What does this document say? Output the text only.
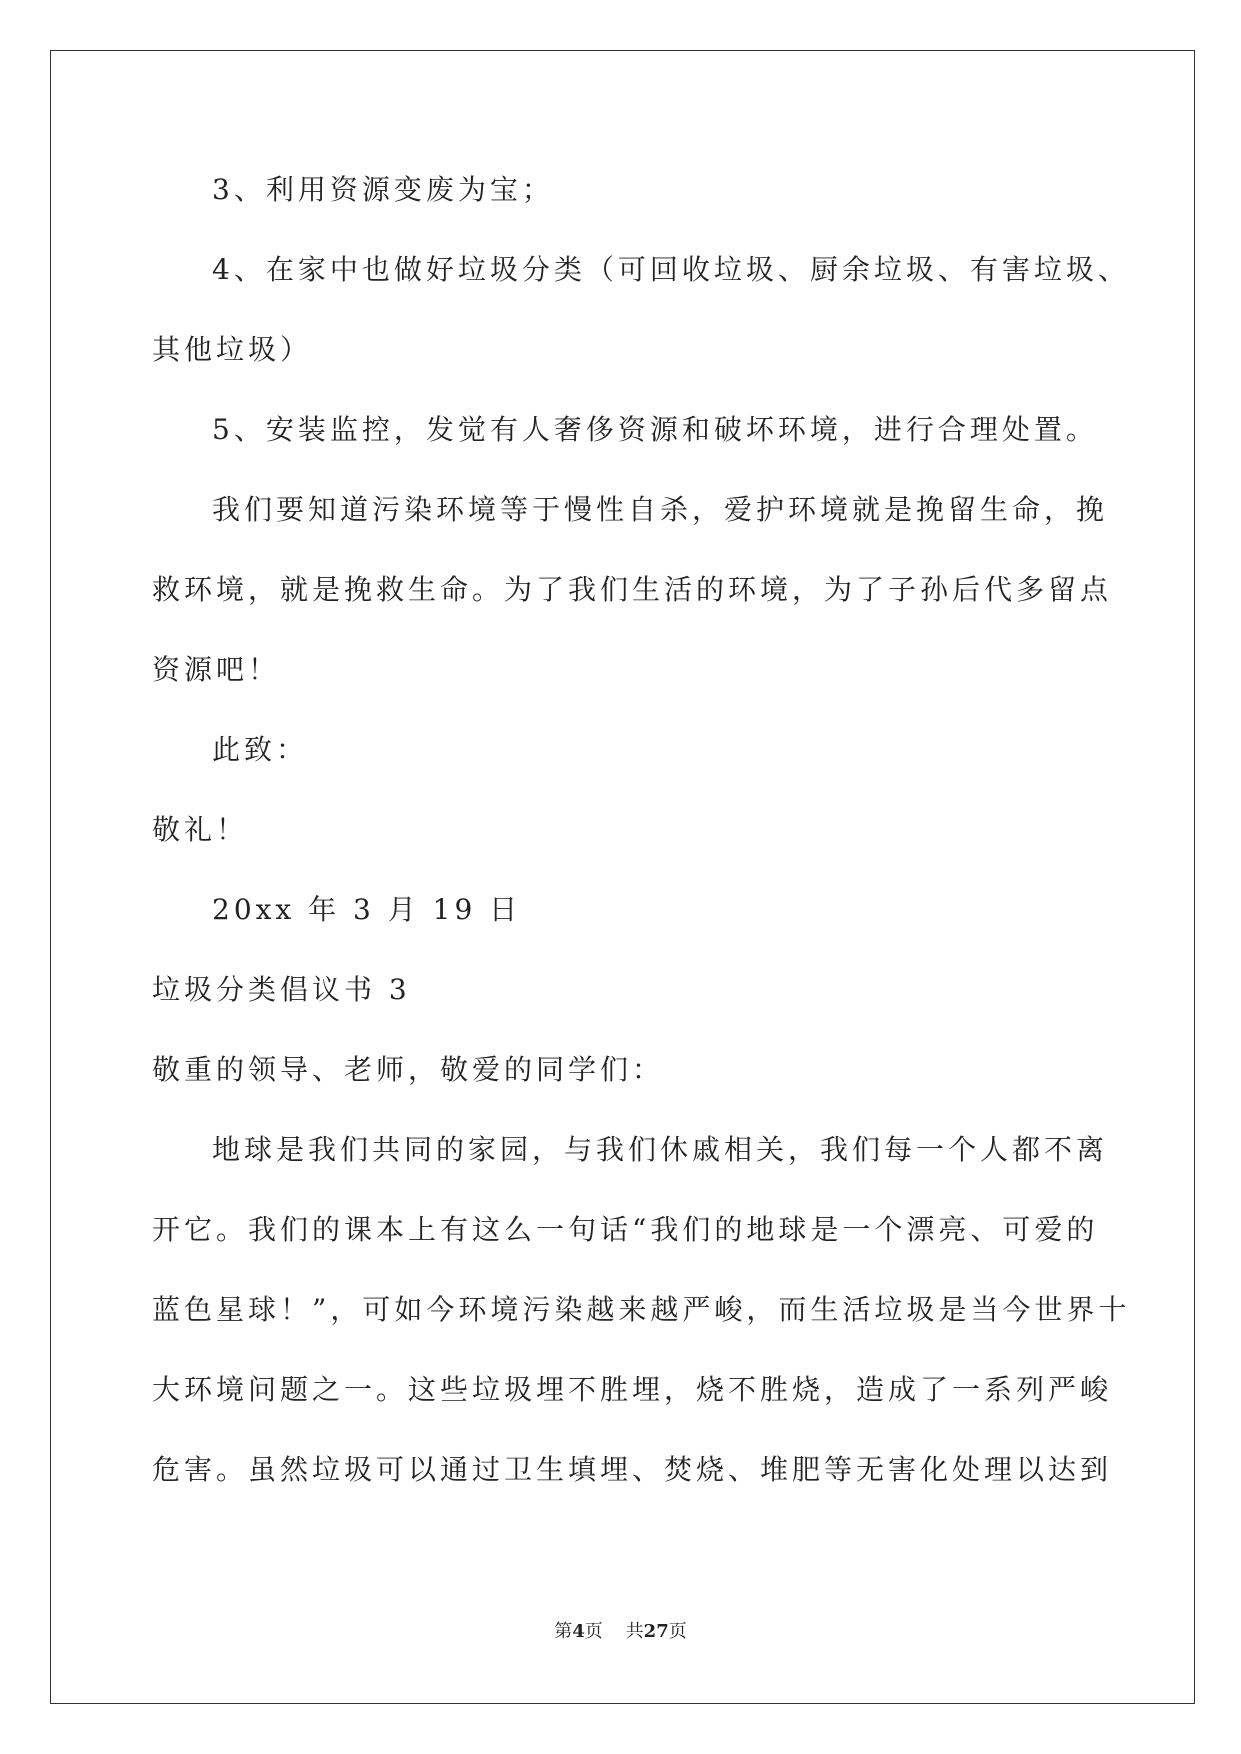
3、利用资源变废为宝；
4、在家中也做好垃圾分类（可回收垃圾、厨余垃圾、有害垃圾、
其他垃圾）
5、安装监控，发觉有人奢侈资源和破坏环境，进行合理处置。
我们要知道污染环境等于慢性自杀，爱护环境就是挽留生命，挽
救环境，就是挽救生命。为了我们生活的环境，为了子孙后代多留点
资源吧！
此致：
敬礼！
20xx 年 3 月 19 日
垃圾分类倡议书 3
敬重的领导、老师，敬爱的同学们：
地球是我们共同的家园，与我们休戚相关，我们每一个人都不离
开它。我们的课本上有这么一句话“我们的地球是一个漂亮、可爱的
蓝色星球！”，可如今环境污染越来越严峻，而生活垃圾是当今世界十
大环境问题之一。这些垃圾埋不胜埋，烧不胜烧，造成了一系列严峻
危害。虽然垃圾可以通过卫生填埋、焚烧、堆肥等无害化处理以达到
第4页 共27页
